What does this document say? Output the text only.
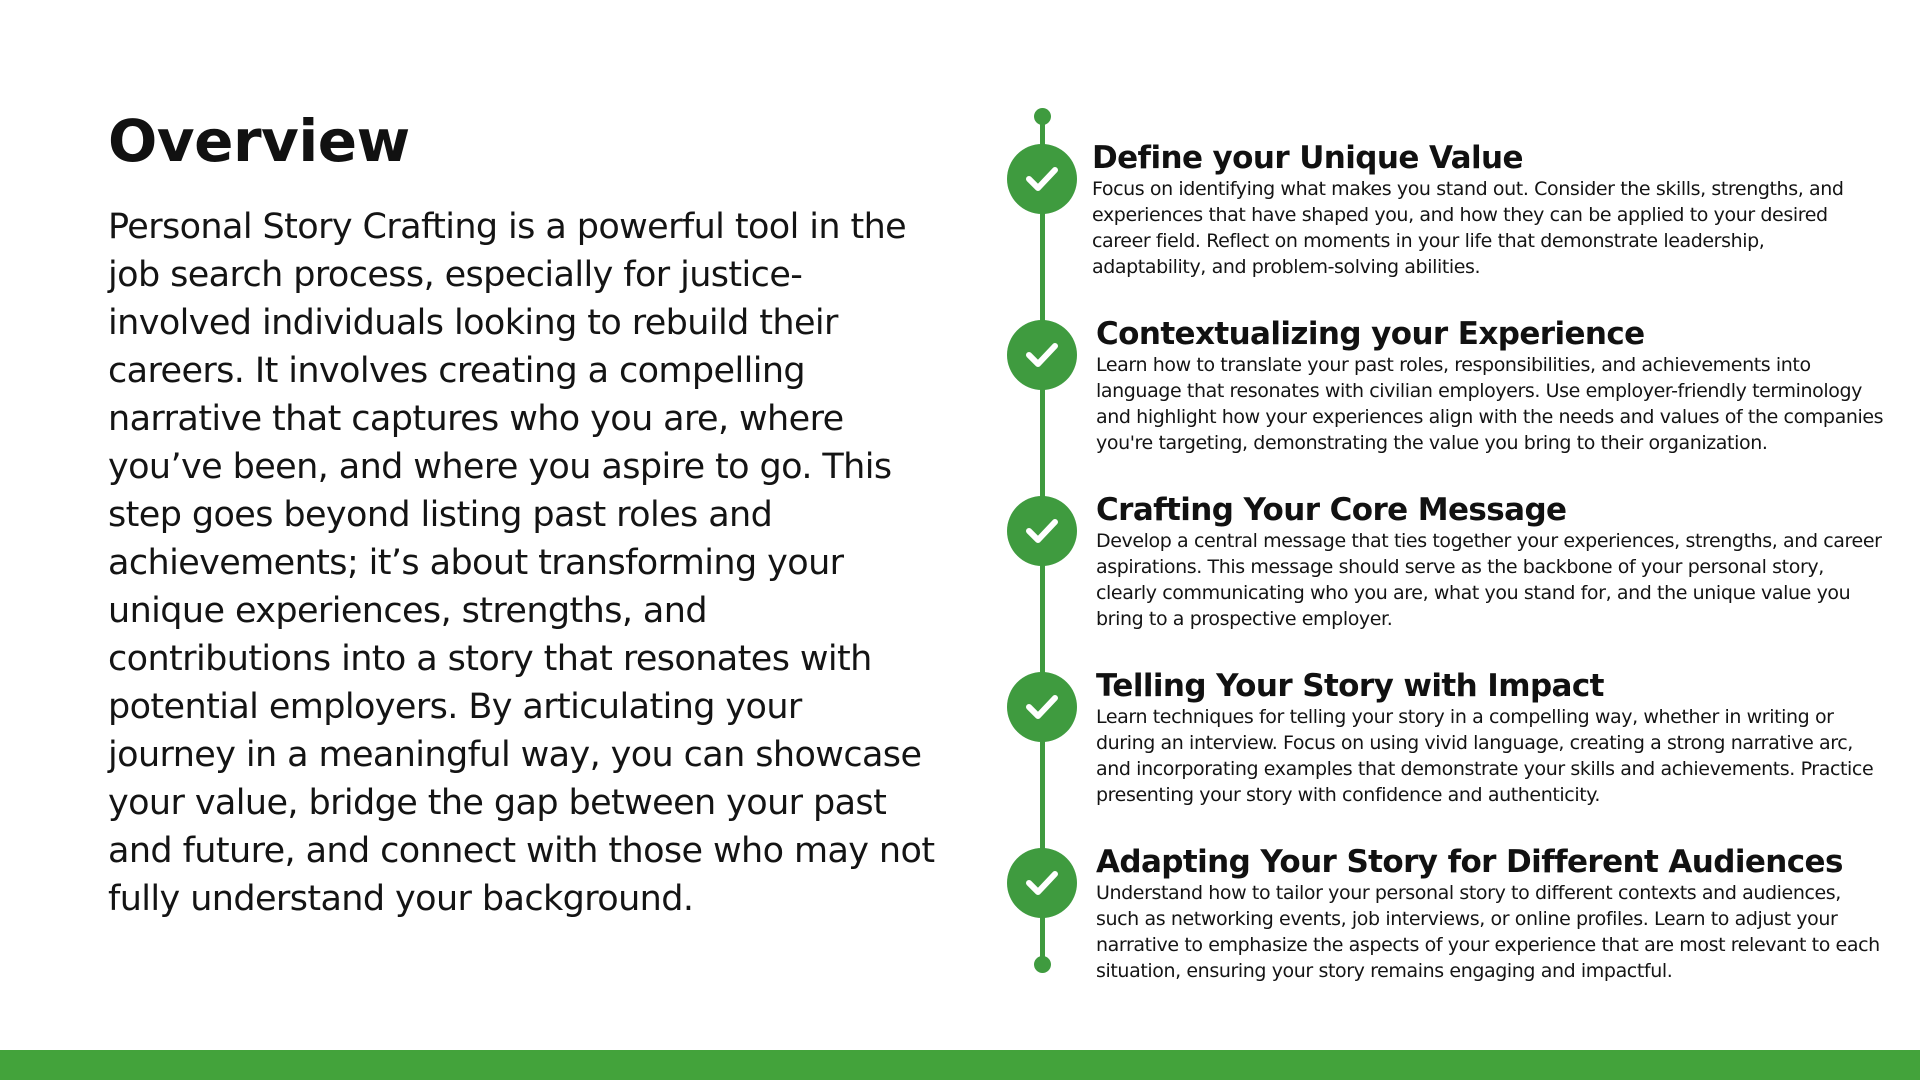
Overview
Personal Story Crafting is a powerful tool in the job search process, especially for justice-involved individuals looking to rebuild their careers. It involves creating a compelling narrative that captures who you are, where you’ve been, and where you aspire to go. This step goes beyond listing past roles and achievements; it’s about transforming your unique experiences, strengths, and contributions into a story that resonates with potential employers. By articulating your journey in a meaningful way, you can showcase your value, bridge the gap between your past and future, and connect with those who may not fully understand your background.
Define your Unique Value
Focus on identifying what makes you stand out. Consider the skills, strengths, and experiences that have shaped you, and how they can be applied to your desired career field. Reflect on moments in your life that demonstrate leadership, adaptability, and problem-solving abilities.
Contextualizing your Experience
Learn how to translate your past roles, responsibilities, and achievements into language that resonates with civilian employers. Use employer-friendly terminology and highlight how your experiences align with the needs and values of the companies you're targeting, demonstrating the value you bring to their organization.
Crafting Your Core Message
Develop a central message that ties together your experiences, strengths, and career aspirations. This message should serve as the backbone of your personal story, clearly communicating who you are, what you stand for, and the unique value you bring to a prospective employer.
Telling Your Story with Impact
Learn techniques for telling your story in a compelling way, whether in writing or during an interview. Focus on using vivid language, creating a strong narrative arc, and incorporating examples that demonstrate your skills and achievements. Practice presenting your story with confidence and authenticity.
Adapting Your Story for Different Audiences
Understand how to tailor your personal story to different contexts and audiences, such as networking events, job interviews, or online profiles. Learn to adjust your narrative to emphasize the aspects of your experience that are most relevant to each situation, ensuring your story remains engaging and impactful.
